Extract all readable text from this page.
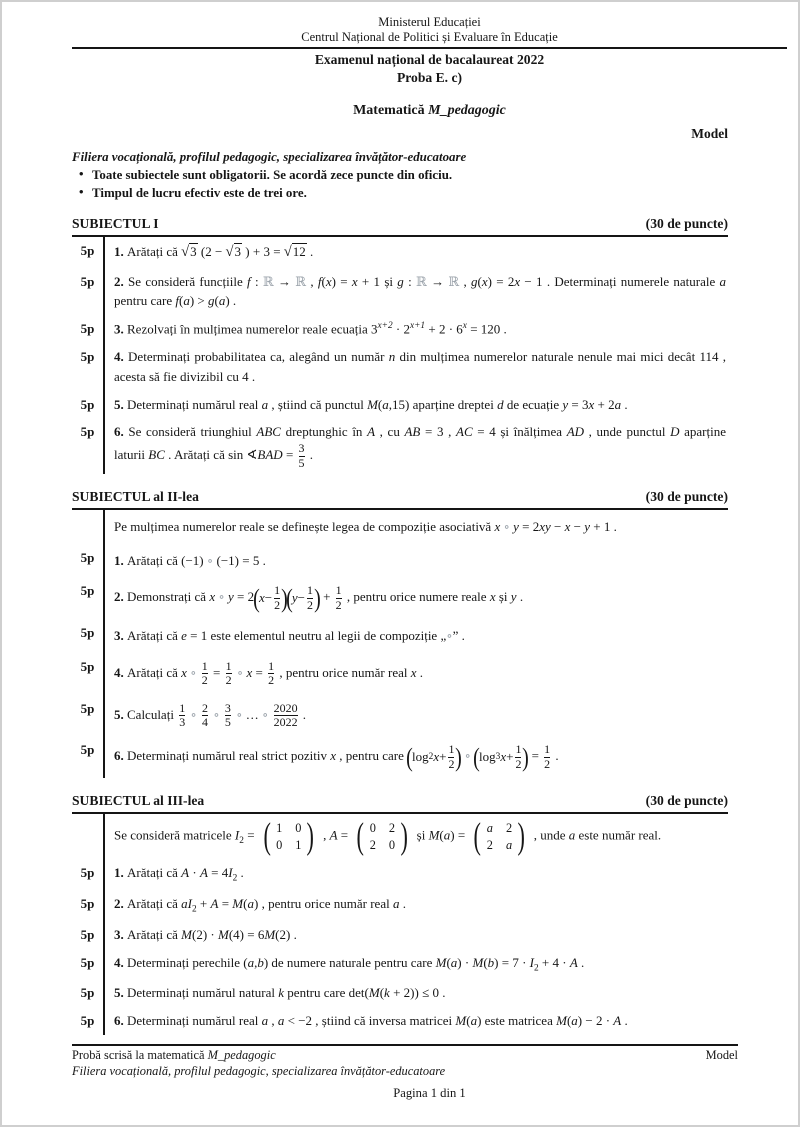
Ministerul Educației
Centrul Național de Politici și Evaluare în Educație
Examenul național de bacalaureat 2022
Proba E. c)
Matematică M_pedagogic
Model
Filiera vocațională, profilul pedagogic, specializarea învățător-educatoare
• Toate subiectele sunt obligatorii. Se acordă zece puncte din oficiu.
• Timpul de lucru efectiv este de trei ore.
SUBIECTUL I	(30 de puncte)
5p	1. Arătați că √3 (2 − √3 ) + 3 = √12 .
5p	2. Se consideră funcțiile f : ℝ → ℝ , f(x) = x + 1 și g : ℝ → ℝ , g(x) = 2x − 1 . Determinați numerele naturale a pentru care f(a) > g(a) .
5p	3. Rezolvați în mulțimea numerelor reale ecuația $3^{x+2} \cdot 2^{x+1} + 2 \cdot 6^x = 120$ .
5p	4. Determinați probabilitatea ca, alegând un număr n din mulțimea numerelor naturale nenule mai mici decât 114 , acesta să fie divizibil cu 4 .
5p	5. Determinați numărul real a , știind că punctul M(a,15) aparține dreptei d de ecuație y = 3x + 2a .
5p	6. Se consideră triunghiul ABC dreptunghic în A , cu AB = 3 , AC = 4 și înălțimea AD , unde punctul D aparține laturii BC . Arătați că sin ∢BAD = $\frac{3}{5}$ .
SUBIECTUL al II-lea	(30 de puncte)
Pe mulțimea numerelor reale se definește legea de compoziție asociativă x ∘ y = 2xy − x − y + 1 .
5p	1. Arătați că (−1) ∘ (−1) = 5 .
5p	2. Demonstrați că x ∘ y = 2 ( $x - \frac{1}{2}$ )
( $y - \frac{1}{2}$ ) + $\frac{1}{2}$ , pentru orice numere reale x și y .
5p	3. Arătați că e = 1 este elementul neutru al legii de compoziție „∘” .
5p	4. Arătați că x ∘ $\frac{1}{2} = \frac{1}{2}$ ∘ $x = \frac{1}{2}$ , pentru orice număr real x .
5p	5. Calculați $\frac{1}{3}$ ∘ $\frac{2}{4}$ ∘ $\frac{3}{5}$ ∘ … ∘ $\frac{2020}{2022}$ .
5p	6. Determinați numărul real strict pozitiv x , pentru care ( log 2 $x + \frac{1}{2}$ ) ∘ ( log 3 $x + \frac{1}{2}$ ) = $\frac{1}{2}$ .
SUBIECTUL al III-lea	(30 de puncte)
Se consideră matricele $I_2$ = ( 1 0
0 1 ) , A = ( 0 2
2 0 ) și M(a) = ( a 2
2 a ) , unde a este număr real.
5p	1. Arătați că $A \cdot A = 4I_2$ .
5p	2. Arătați că $aI_2 + A = M(a)$ , pentru orice număr real a .
5p	3. Arătați că M(2) · M(4) = 6M(2) .
5p	4. Determinați perechile (a,b) de numere naturale pentru care $M(a) \cdot M(b) = 7 \cdot I_2 + 4 \cdot A$ .
5p	5. Determinați numărul natural k pentru care det(M(k + 2)) ≤ 0 .
5p	6. Determinați numărul real a , a < −2 , știind că inversa matricei M(a) este matricea M(a) − 2 · A .
Probă scrisă la matematică M_pedagogic	Model
Filiera vocațională, profilul pedagogic, specializarea învățător-educatoare
Pagina 1 din 1
